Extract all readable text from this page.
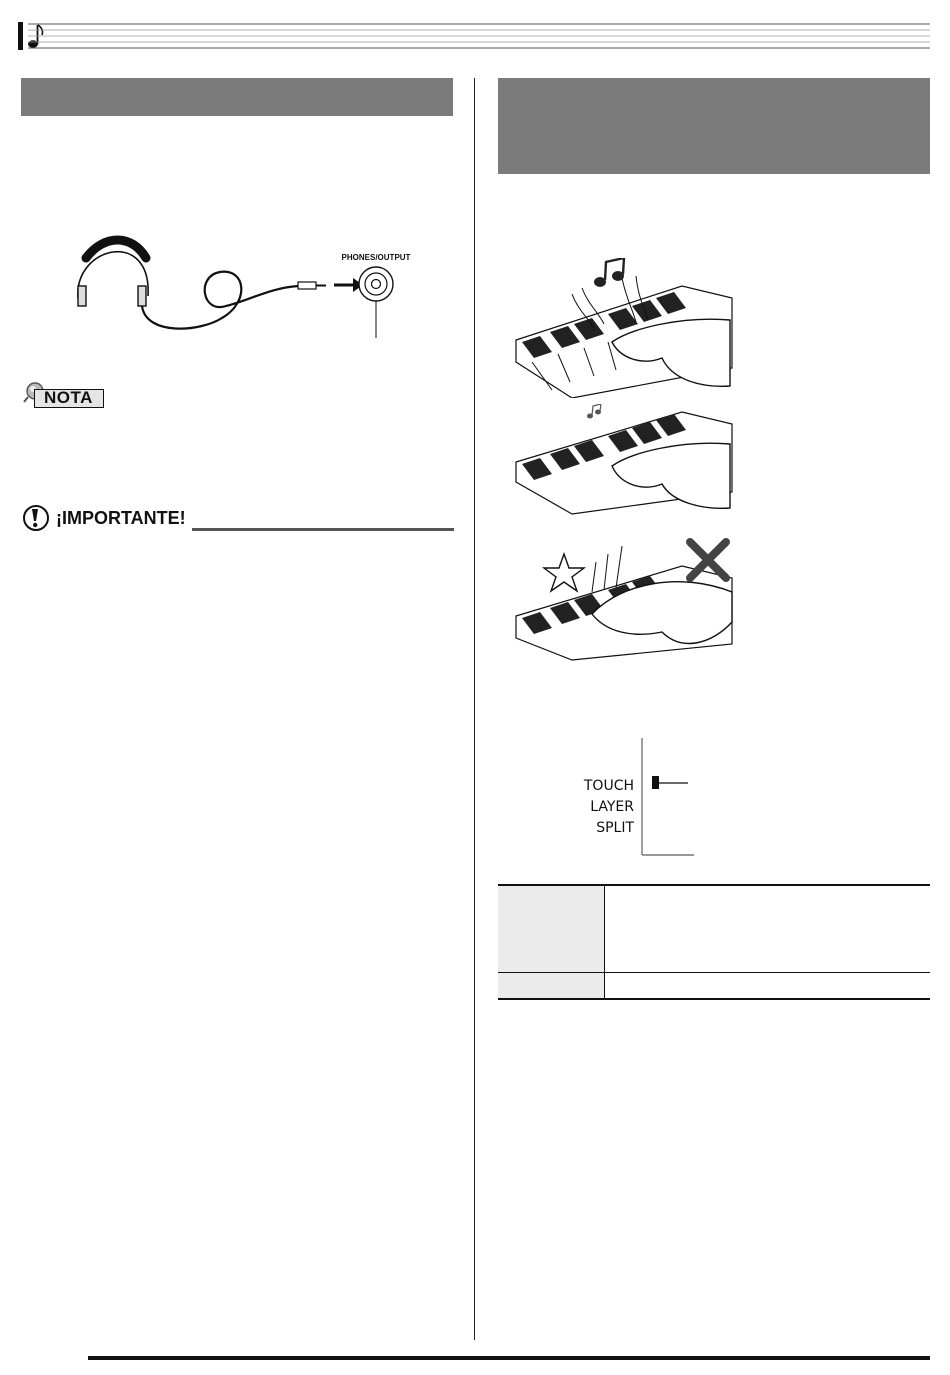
PHONES/OUTPUT
NOTA
¡IMPORTANTE!
TOUCH
LAYER
SPLIT
